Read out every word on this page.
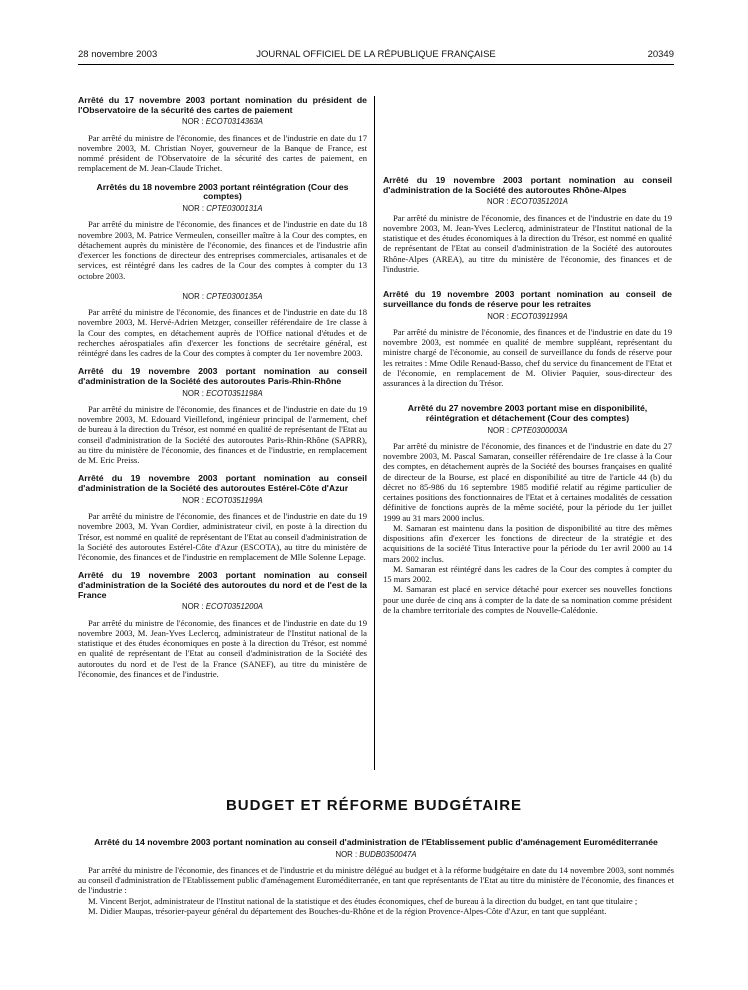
28 novembre 2003	JOURNAL OFFICIEL DE LA RÉPUBLIQUE FRANÇAISE	20349
Arrêté du 17 novembre 2003 portant nomination du président de l'Observatoire de la sécurité des cartes de paiement
NOR : ECOT0314363A

Par arrêté du ministre de l'économie, des finances et de l'industrie en date du 17 novembre 2003, M. Christian Noyer, gouverneur de la Banque de France, est nommé président de l'Observatoire de la sécurité des cartes de paiement, en remplacement de M. Jean-Claude Trichet.

Arrêtés du 18 novembre 2003 portant réintégration (Cour des comptes)
NOR : CPTE0300131A

Par arrêté du ministre de l'économie, des finances et de l'industrie en date du 18 novembre 2003, M. Patrice Vermeulen, conseiller maître à la Cour des comptes, en détachement auprès du ministère de l'économie, des finances et de l'industrie afin d'exercer les fonctions de directeur des entreprises commerciales, artisanales et de services, est réintégré dans les cadres de la Cour des comptes à compter du 13 octobre 2003.

NOR : CPTE0300135A

Par arrêté du ministre de l'économie, des finances et de l'industrie en date du 18 novembre 2003, M. Hervé-Adrien Metzger, conseiller référendaire de 1re classe à la Cour des comptes, en détachement auprès de l'Office national d'études et de recherches aérospatiales afin d'exercer les fonctions de secrétaire général, est réintégré dans les cadres de la Cour des comptes à compter du 1er novembre 2003.

Arrêté du 19 novembre 2003 portant nomination au conseil d'administration de la Société des autoroutes Paris-Rhin-Rhône
NOR : ECOT0351198A

Par arrêté du ministre de l'économie, des finances et de l'industrie en date du 19 novembre 2003, M. Edouard Vieillefond, ingénieur principal de l'armement, chef de bureau à la direction du Trésor, est nommé en qualité de représentant de l'Etat au conseil d'administration de la Société des autoroutes Paris-Rhin-Rhône (SAPRR), au titre du ministère de l'économie, des finances et de l'industrie, en remplacement de M. Eric Preiss.

Arrêté du 19 novembre 2003 portant nomination au conseil d'administration de la Société des autoroutes Estérel-Côte d'Azur
NOR : ECOT0351199A

Par arrêté du ministre de l'économie, des finances et de l'industrie en date du 19 novembre 2003, M. Yvan Cordier, administrateur civil, en poste à la direction du Trésor, est nommé en qualité de représentant de l'Etat au conseil d'administration de la Société des autoroutes Estérel-Côte d'Azur (ESCOTA), au titre du ministère de l'économie, des finances et de l'industrie en remplacement de Mlle Solenne Lepage.

Arrêté du 19 novembre 2003 portant nomination au conseil d'administration de la Société des autoroutes du nord et de l'est de la France
NOR : ECOT0351200A

Par arrêté du ministre de l'économie, des finances et de l'industrie en date du 19 novembre 2003, M. Jean-Yves Leclercq, administrateur de l'Institut national de la statistique et des études économiques en poste à la direction du Trésor, est nommé en qualité de représentant de l'Etat au conseil d'administration de la Société des autoroutes du nord et de l'est de la France (SANEF), au titre du ministère de l'économie, des finances et de l'industrie.

Arrêté du 19 novembre 2003 portant nomination au conseil d'administration de la Société des autoroutes Rhône-Alpes
NOR : ECOT0351201A

Par arrêté du ministre de l'économie, des finances et de l'industrie en date du 19 novembre 2003, M. Jean-Yves Leclercq, administrateur de l'Institut national de la statistique et des études économiques à la direction du Trésor, est nommé en qualité de représentant de l'Etat au conseil d'administration de la Société des autoroutes Rhône-Alpes (AREA), au titre du ministère de l'économie, des finances et de l'industrie.

Arrêté du 19 novembre 2003 portant nomination au conseil de surveillance du fonds de réserve pour les retraites
NOR : ECOT0391199A

Par arrêté du ministre de l'économie, des finances et de l'industrie en date du 19 novembre 2003, est nommée en qualité de membre suppléant, représentant du ministre chargé de l'économie, au conseil de surveillance du fonds de réserve pour les retraites : Mme Odile Renaud-Basso, chef du service du financement de l'Etat et de l'économie, en remplacement de M. Olivier Paquier, sous-directeur des assurances à la direction du Trésor.

Arrêté du 27 novembre 2003 portant mise en disponibilité, réintégration et détachement (Cour des comptes)
NOR : CPTE0300003A

Par arrêté du ministre de l'économie, des finances et de l'industrie en date du 27 novembre 2003, M. Pascal Samaran, conseiller référendaire de 1re classe à la Cour des comptes, en détachement auprès de la Société des bourses françaises en qualité de directeur de la Bourse, est placé en disponibilité au titre de l'article 44 (b) du décret no 85-986 du 16 septembre 1985 modifié relatif au régime particulier de certaines positions des fonctionnaires de l'Etat et à certaines modalités de cessation définitive de fonctions auprès de la même société, pour la période du 1er juillet 1999 au 31 mars 2000 inclus.

M. Samaran est maintenu dans la position de disponibilité au titre des mêmes dispositions afin d'exercer les fonctions de directeur de la stratégie et des acquisitions de la société Titus Interactive pour la période du 1er avril 2000 au 14 mars 2002 inclus.

M. Samaran est réintégré dans les cadres de la Cour des comptes à compter du 15 mars 2002.

M. Samaran est placé en service détaché pour exercer ses nouvelles fonctions pour une durée de cinq ans à compter de la date de sa nomination comme président de la chambre territoriale des comptes de Nouvelle-Calédonie.

BUDGET ET RÉFORME BUDGÉTAIRE
Arrêté du 14 novembre 2003 portant nomination au conseil d'administration de l'Etablissement public d'aménagement Euroméditerranée
NOR : BUDB0350047A

Par arrêté du ministre de l'économie, des finances et de l'industrie et du ministre délégué au budget et à la réforme budgétaire en date du 14 novembre 2003, sont nommés au conseil d'administration de l'Etablissement public d'aménagement Euroméditerranée, en tant que représentants de l'Etat au titre du ministère de l'économie, des finances et de l'industrie :

M. Vincent Berjot, administrateur de l'Institut national de la statistique et des études économiques, chef de bureau à la direction du budget, en tant que titulaire ;

M. Didier Maupas, trésorier-payeur général du département des Bouches-du-Rhône et de la région Provence-Alpes-Côte d'Azur, en tant que suppléant.
